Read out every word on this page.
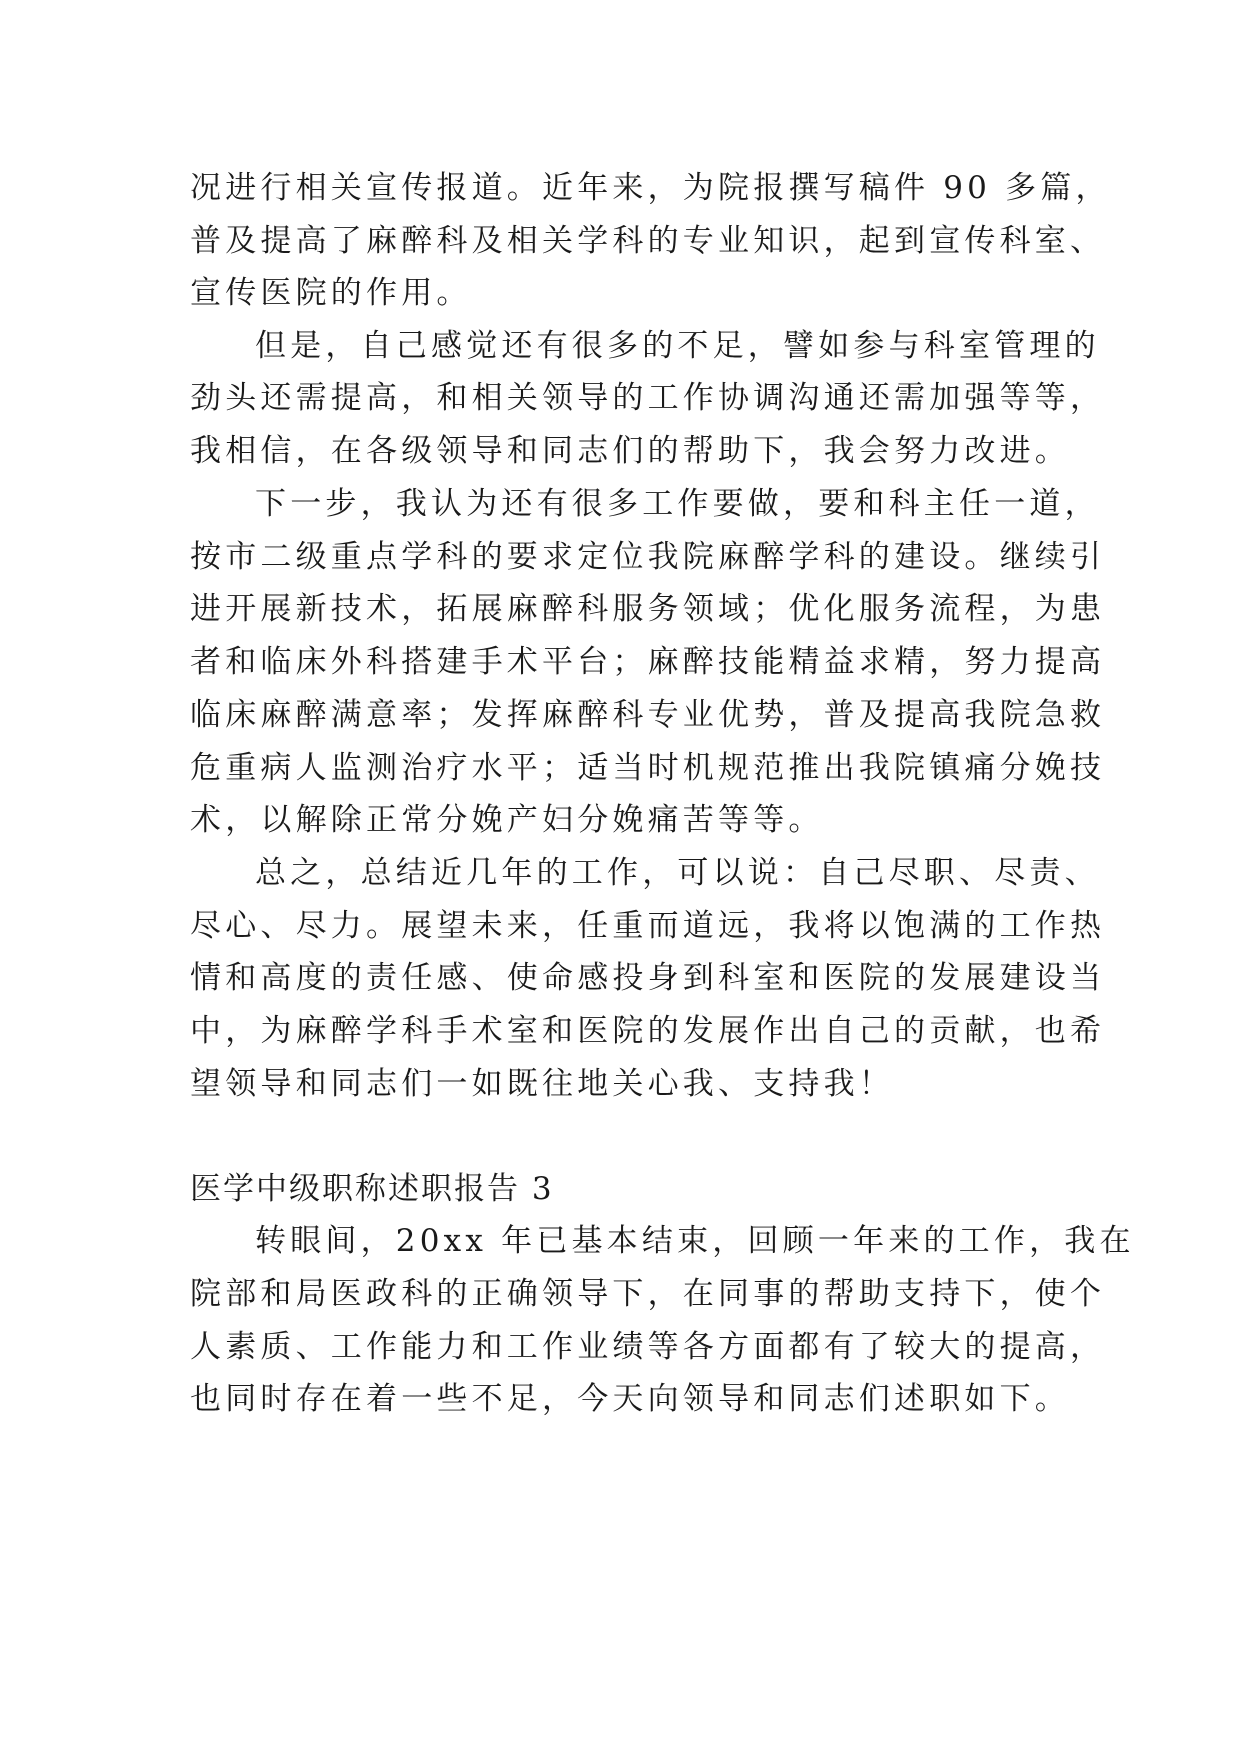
况进行相关宣传报道。近年来，为院报撰写稿件 90 多篇，
普及提高了麻醉科及相关学科的专业知识，起到宣传科室、
宣传医院的作用。
但是，自己感觉还有很多的不足，譬如参与科室管理的
劲头还需提高，和相关领导的工作协调沟通还需加强等等，
我相信，在各级领导和同志们的帮助下，我会努力改进。
下一步，我认为还有很多工作要做，要和科主任一道，
按市二级重点学科的要求定位我院麻醉学科的建设。继续引
进开展新技术，拓展麻醉科服务领域；优化服务流程，为患
者和临床外科搭建手术平台；麻醉技能精益求精，努力提高
临床麻醉满意率；发挥麻醉科专业优势，普及提高我院急救
危重病人监测治疗水平；适当时机规范推出我院镇痛分娩技
术，以解除正常分娩产妇分娩痛苦等等。
总之，总结近几年的工作，可以说：自己尽职、尽责、
尽心、尽力。展望未来，任重而道远，我将以饱满的工作热
情和高度的责任感、使命感投身到科室和医院的发展建设当
中，为麻醉学科手术室和医院的发展作出自己的贡献，也希
望领导和同志们一如既往地关心我、支持我！
医学中级职称述职报告 3
转眼间，20xx 年已基本结束，回顾一年来的工作，我在
院部和局医政科的正确领导下，在同事的帮助支持下，使个
人素质、工作能力和工作业绩等各方面都有了较大的提高，
也同时存在着一些不足，今天向领导和同志们述职如下。
